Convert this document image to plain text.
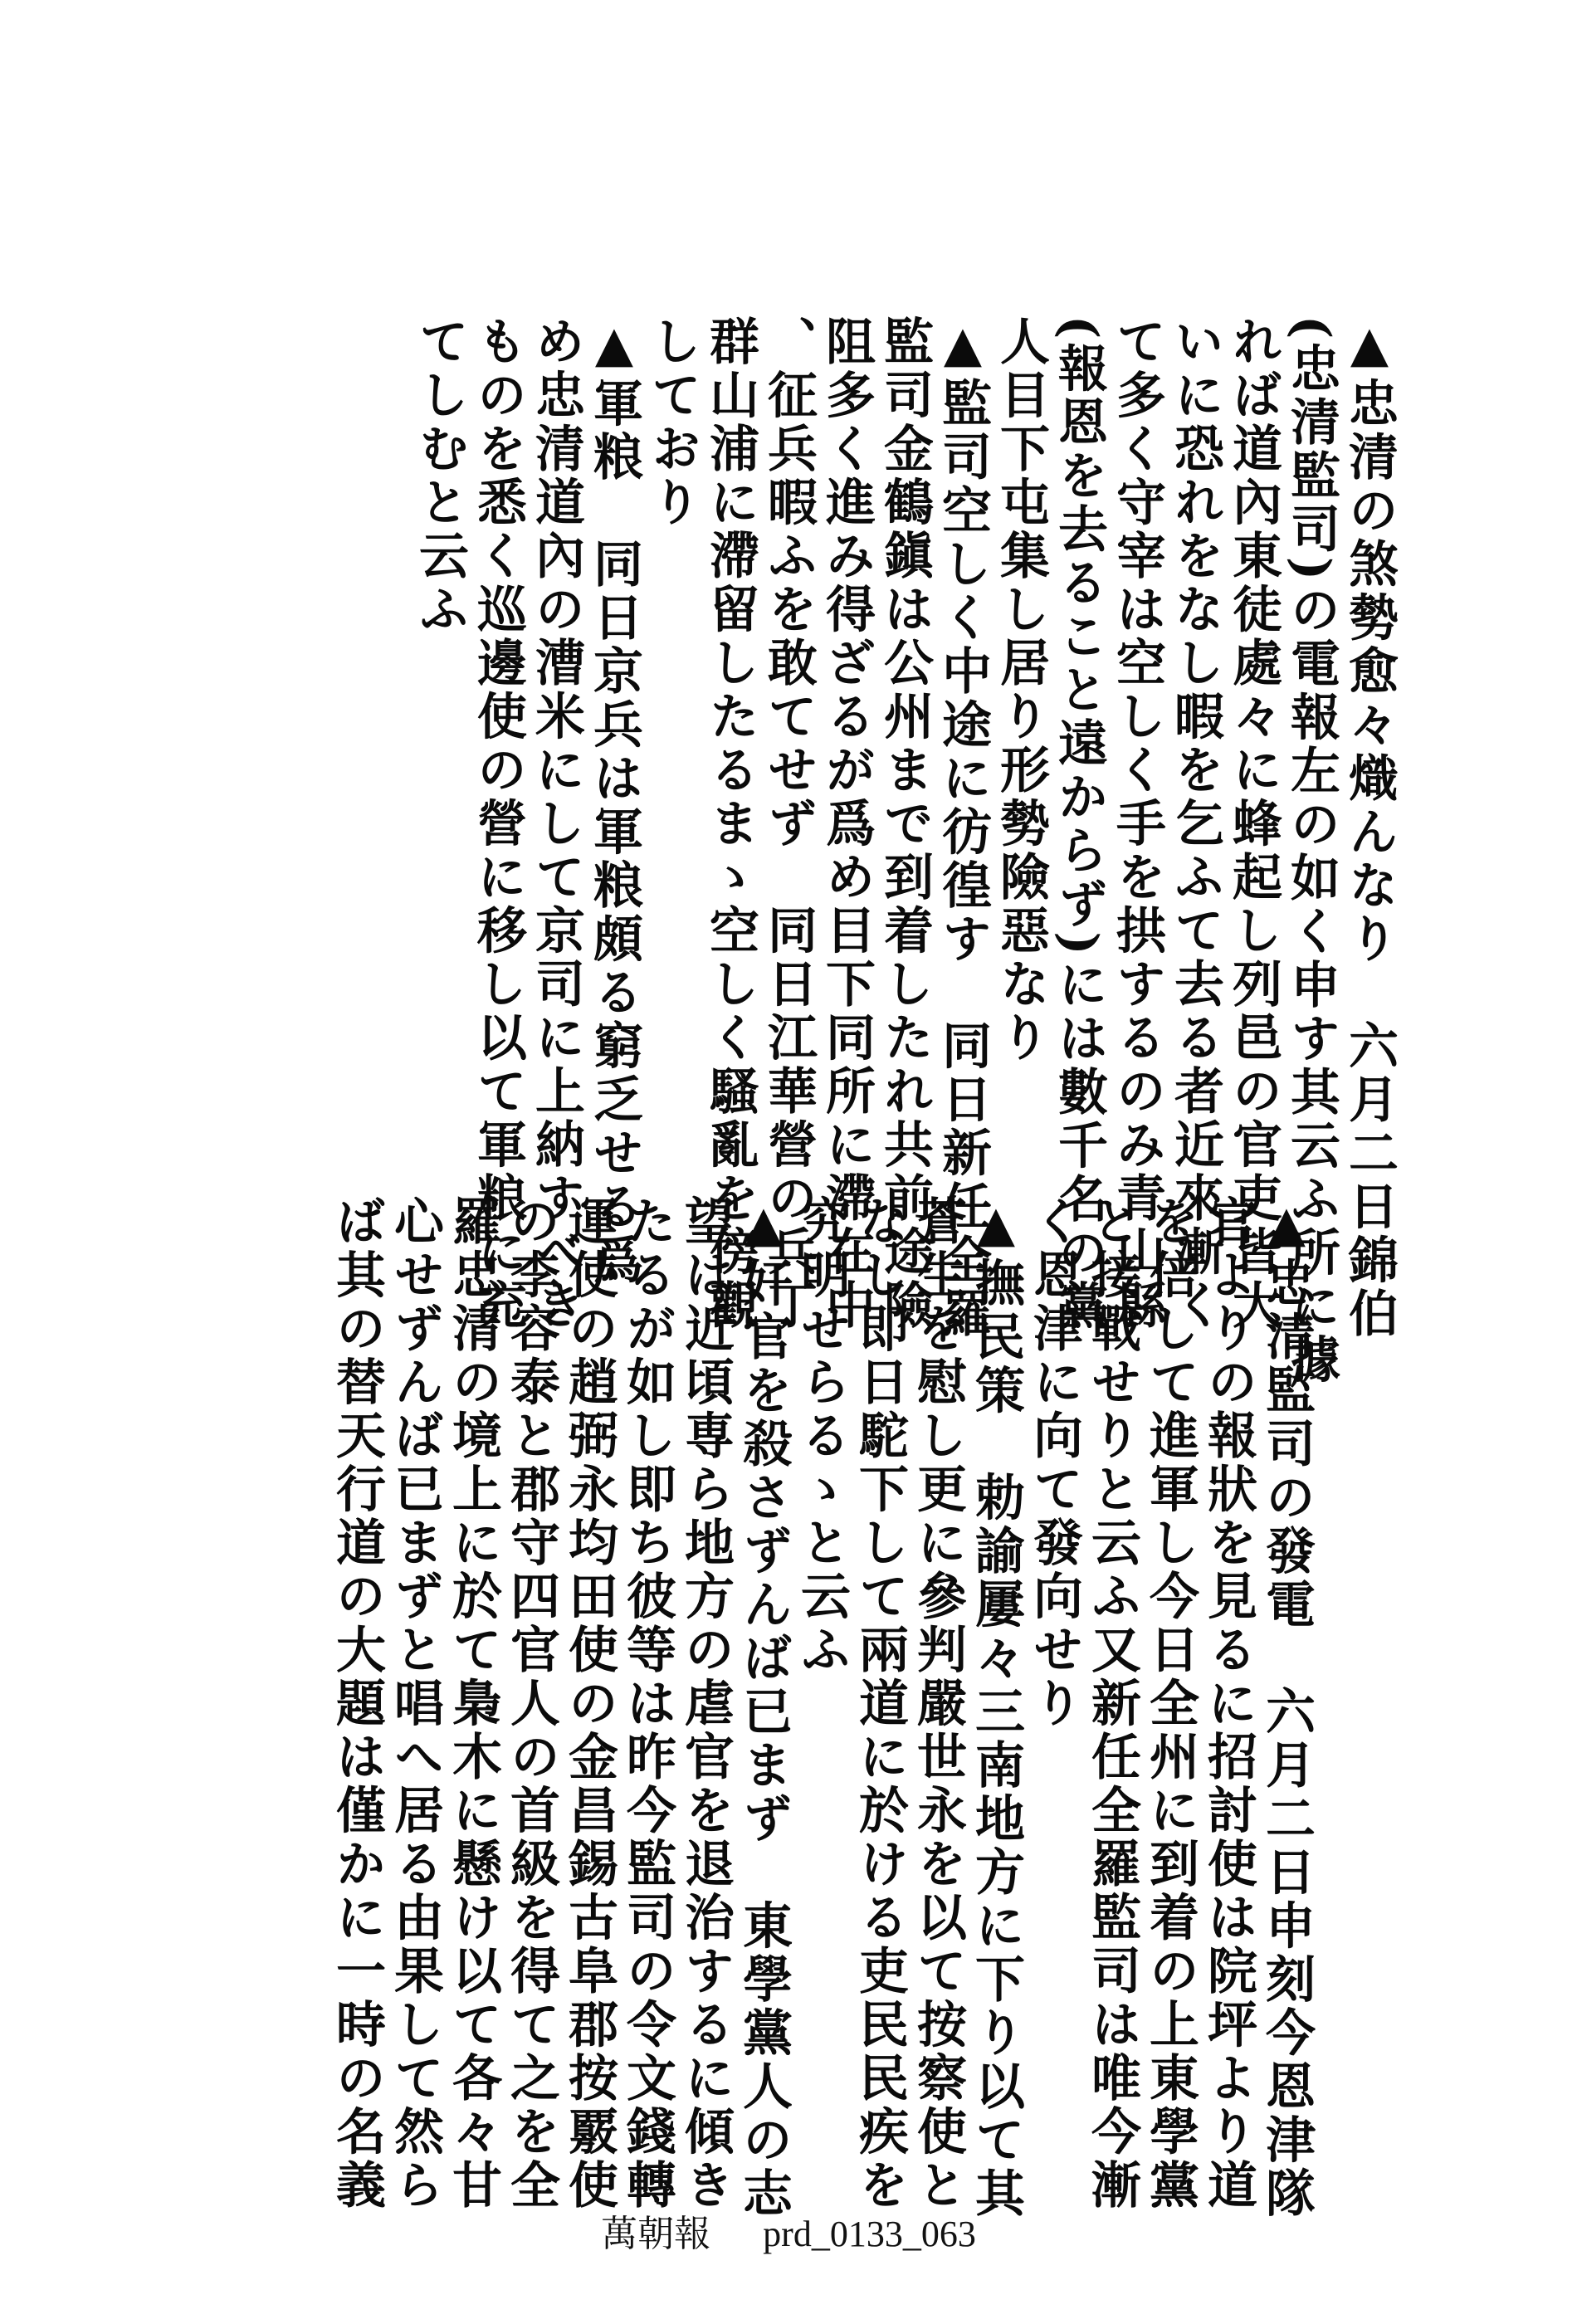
▲忠清の煞勢愈々熾んなり　六月二日錦伯

(忠清監司)の電報左の如く申す其云ふ所に據

れば道內東徒處々に蜂起し列邑の官吏皆大

いに恐れをなし暇を乞ふて去る者近來漸く

て多く守宰は空しく手を拱するのみ青山縣

(報恩を去ること遠からず)には數千名の黨

人目下屯集し居り形勢險惡なり

▲監司空しく中途に彷徨す　同日新任全羅

監司金鶴鎭は公州まで到着したれ共前途險

阻多く進み得ざるが爲め目下同所に滯在中

、征兵暇ふを敢てせず　同日江華營の兵丁

群山浦に滯留したるまゝ空しく騷亂を傍觀

しており

▲軍粮　同日京兵は軍粮頗る窮乏せる爲

め忠清道內の漕米にして京司に上納すべき

ものを悉く巡邊使の營に移し以て軍粮に充

てしむと云ふ

▲忠清監司の發電　六月二日申刻今恩津隊

官よりの報狀を見るに招討使は院坪より道

を倍して進軍し今日全州に到着の上東學黨

と接戰せりと云ふ又新任全羅監司は唯今漸

く恩津に向て發向せり

▲撫民策　勅諭屢々三南地方に下り以て其

蒼生を慰し更に參判嚴世永を以て按察使と

なし即日駝下して兩道に於ける吏民民疾を

究明せらるゝと云ふ

▲奸官を殺さずんば已まず　東學黨人の志

望は近頃専ら地方の虐官を退治するに傾き

たるが如し即ち彼等は昨今監司の令文錢轉

運使の趙弼永均田使の金昌錫古阜郡按覈使

の李容泰と郡守四官人の首級を得て之を全

羅忠清の境上に於て梟木に懸け以て各々甘

心せずんば已まずと唱へ居る由果して然ら

ば其の替天行道の大題は僅かに一時の名義

萬朝報 prd_0133_063
